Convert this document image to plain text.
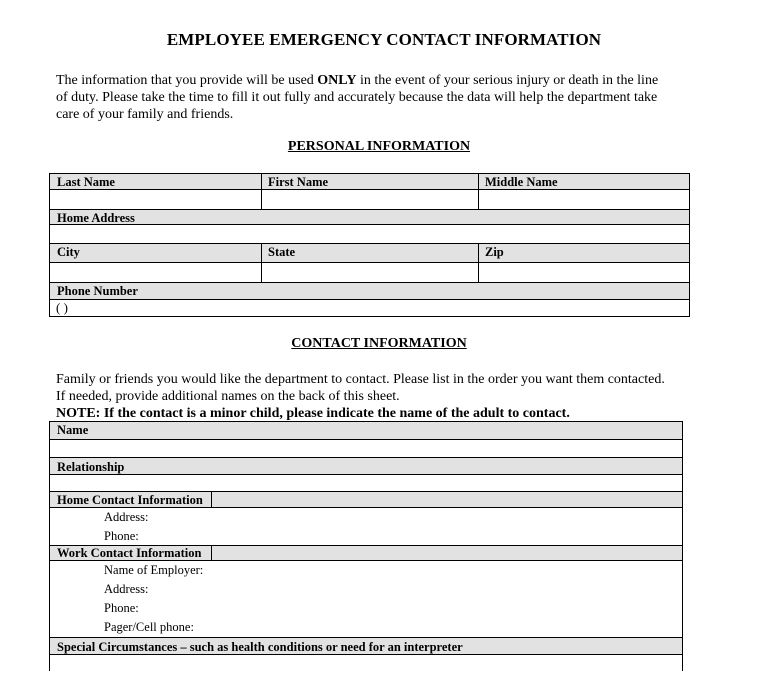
EMPLOYEE EMERGENCY CONTACT INFORMATION
The information that you provide will be used ONLY in the event of your serious injury or death in the line
of duty. Please take the time to fill it out fully and accurately because the data will help the department take
care of your family and friends.
PERSONAL INFORMATION
Last Name	First Name	Middle Name
Home Address
City	State	Zip
Phone Number
( )
CONTACT INFORMATION
Family or friends you would like the department to contact. Please list in the order you want them contacted.
If needed, provide additional names on the back of this sheet.
NOTE: If the contact is a minor child, please indicate the name of the adult to contact.
Name
Relationship
Home Contact Information
Address:
Phone:
Work Contact Information
Name of Employer:
Address:
Phone:
Pager/Cell phone:
Special Circumstances – such as health conditions or need for an interpreter
